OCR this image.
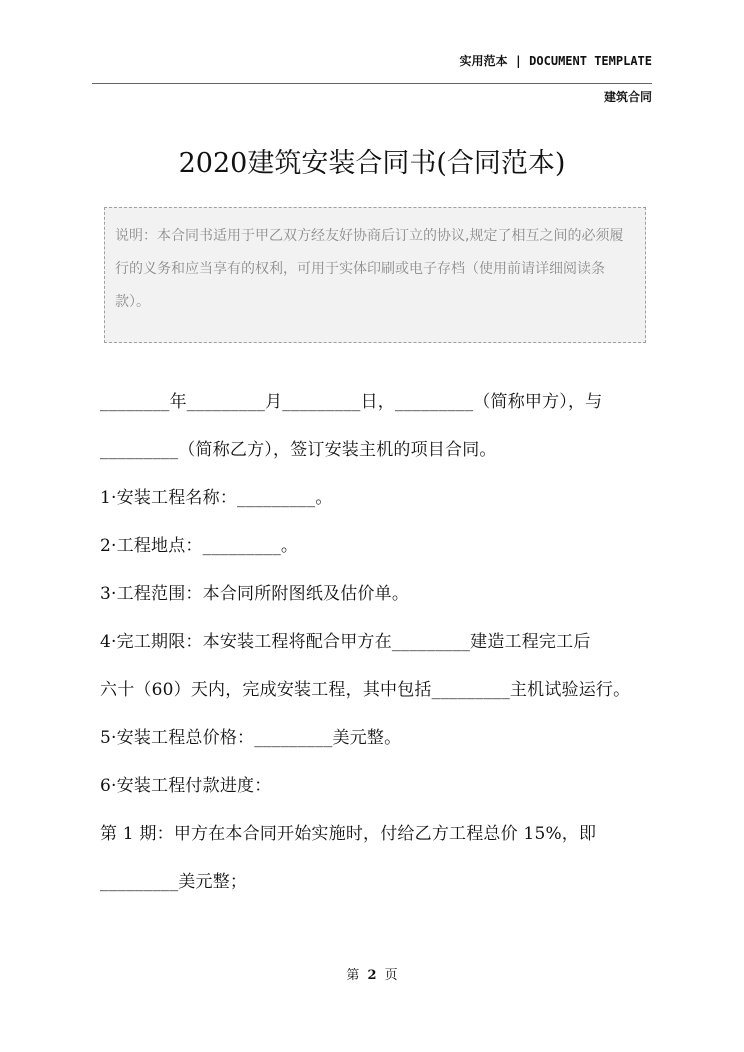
实用范本 | DOCUMENT TEMPLATE
建筑合同
2020建筑安装合同书(合同范本)
说明：本合同书适用于甲乙双方经友好协商后订立的协议,规定了相互之间的必须履行的义务和应当享有的权利，可用于实体印刷或电子存档（使用前请详细阅读条款）。
________年_________月_________日，_________（简称甲方），与
_________（简称乙方），签订安装主机的项目合同。
1·安装工程名称：_________。
2·工程地点：_________。
3·工程范围：本合同所附图纸及估价单。
4·完工期限：本安装工程将配合甲方在_________建造工程完工后
六十（60）天内，完成安装工程，其中包括_________主机试验运行。
5·安装工程总价格：_________美元整。
6·安装工程付款进度：
第 1 期：甲方在本合同开始实施时，付给乙方工程总价 15%，即
_________美元整；
第 2 页
